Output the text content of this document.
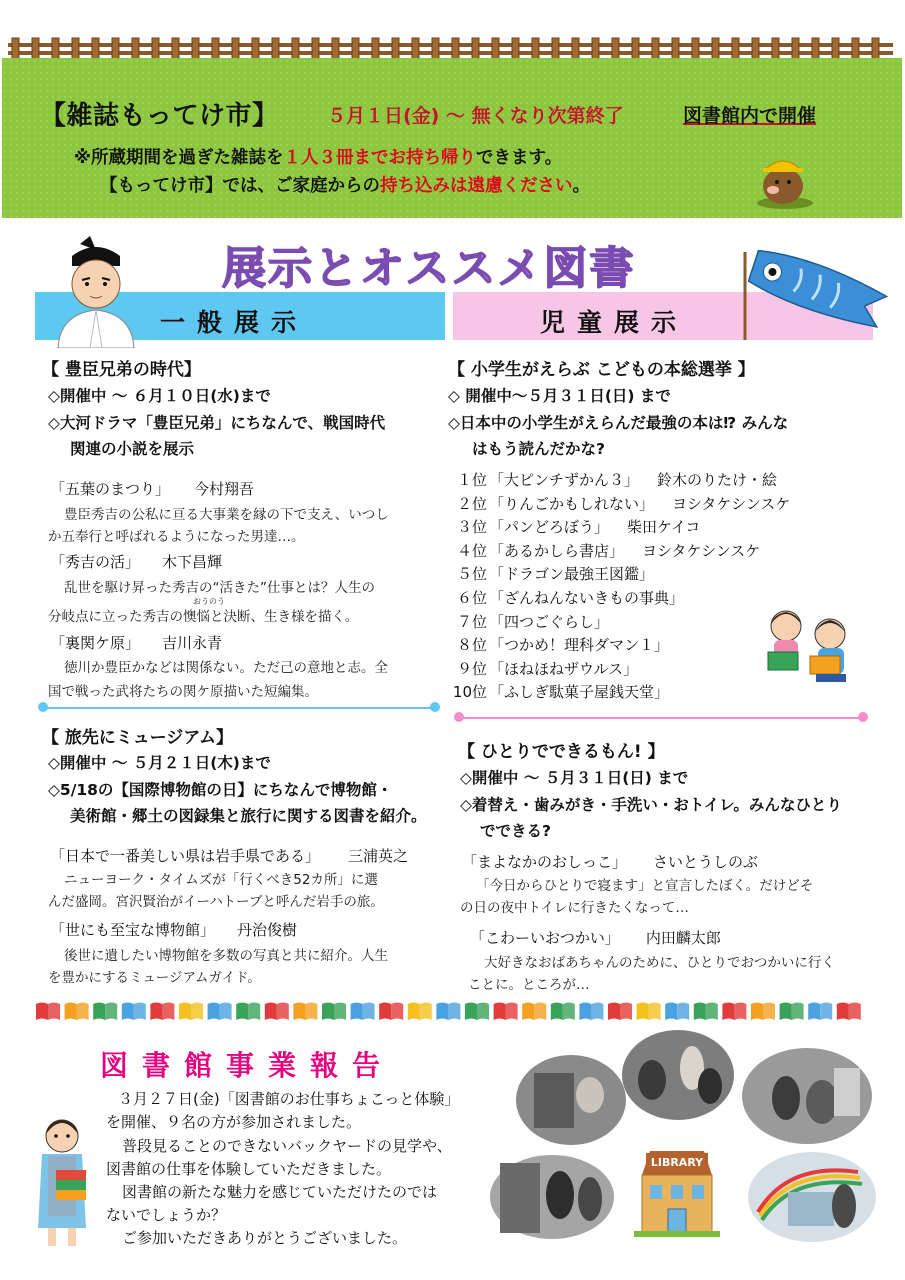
【雑誌もってけ市】	５月１日(金) ～ 無くなり次第終了	図書館内で開催
※所蔵期間を過ぎた雑誌を１人３冊までお持ち帰りできます。
【もってけ市】では、ご家庭からの持ち込みは遠慮ください。
展示とオススメ図書
一般展示	児童展示
【 豊臣兄弟の時代】
◇開催中 ～ ６月１０日(水)まで
◇大河ドラマ「豊臣兄弟」にちなんで、戦国時代
関連の小説を展示
「五葉のまつり」 今村翔吾
豊臣秀吉の公私に亘る大事業を縁の下で支え、いつし
か五奉行と呼ばれるようになった男達…。
「秀吉の活」 木下昌輝
乱世を駆け昇った秀吉の“活きた”仕事とは？人生の
おうのう
分岐点に立った秀吉の懊悩と決断、生き様を描く。
「裏関ケ原」 吉川永青
徳川か豊臣かなどは関係ない。ただ己の意地と志。全
国で戦った武将たちの関ケ原描いた短編集。
【 旅先にミュージアム】
◇開催中 ～ ５月２１日(木)まで
◇5/18の【国際博物館の日】にちなんで博物館・
美術館・郷土の図録集と旅行に関する図書を紹介。
「日本で一番美しい県は岩手県である」 三浦英之
ニューヨーク・タイムズが「行くべき52カ所」に選
んだ盛岡。宮沢賢治がイーハトーブと呼んだ岩手の旅。
「世にも至宝な博物館」 丹治俊樹
後世に遺したい博物館を多数の写真と共に紹介。人生
を豊かにするミュージアムガイド。
【 小学生がえらぶ こどもの本総選挙 】
◇ 開催中～５月３１日(日) まで
◇日本中の小学生がえらんだ最強の本は⁉ みんな
はもう読んだかな?
１位 「大ピンチずかん３」 鈴木のりたけ・絵
２位 「りんごかもしれない」 ヨシタケシンスケ
３位 「パンどろぼう」 柴田ケイコ
４位 「あるかしら書店」 ヨシタケシンスケ
５位 「ドラゴン最強王図鑑」
６位 「ざんねんないきもの事典」
７位 「四つごぐらし」
８位 「つかめ！理科ダマン１」
９位 「ほねほねザウルス」
10位 「ふしぎ駄菓子屋銭天堂」
【 ひとりでできるもん! 】
◇開催中 ～ ５月３１日(日) まで
◇着替え・歯みがき・手洗い・おトイレ。みんなひとり
でできる?
「まよなかのおしっこ」 さいとうしのぶ
「今日からひとりで寝ます」と宣言したぼく。だけどそ
の日の夜中トイレに行きたくなって…
「こわーいおつかい」 内田麟太郎
大好きなおばあちゃんのために、ひとりでおつかいに行く
ことに。ところが…
図書館事業報告
３月２７日(金)「図書館のお仕事ちょこっと体験」
を開催、９名の方が参加されました。
普段見ることのできないバックヤードの見学や、
図書館の仕事を体験していただきました。
図書館の新たな魅力を感じていただけたのでは
ないでしょうか？
ご参加いただきありがとうございました。
LIBRARY
